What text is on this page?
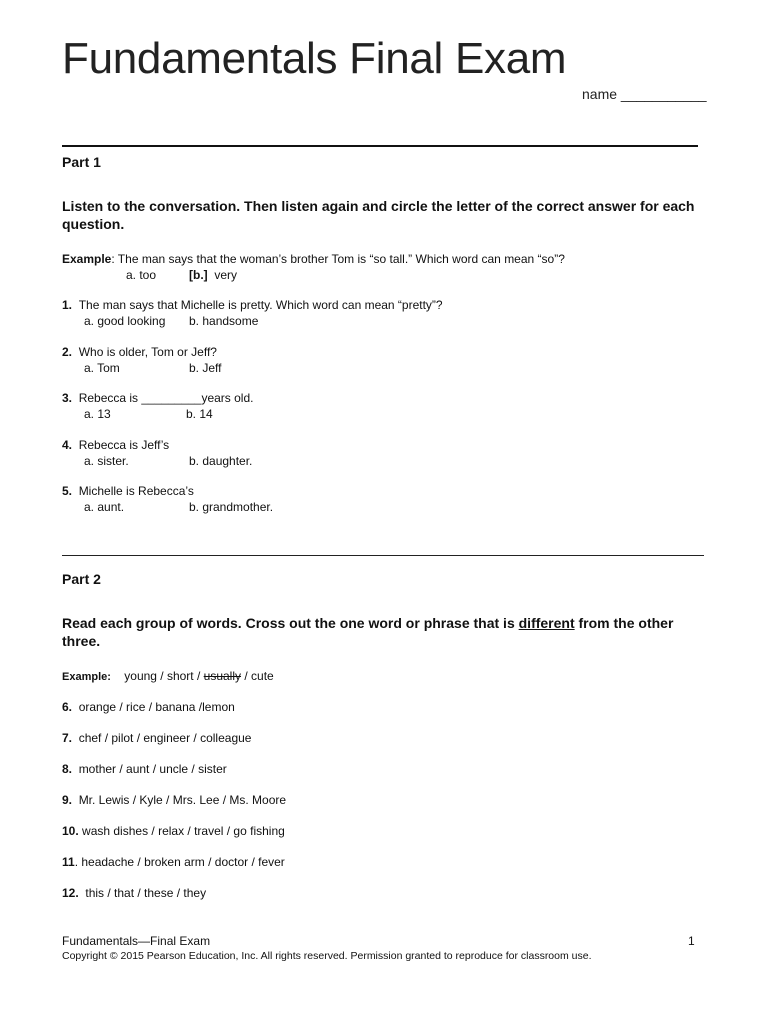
Fundamentals Final Exam
name ___________
Part 1
Listen to the conversation. Then listen again and circle the letter of the correct answer for each question.
Example: The man says that the woman’s brother Tom is “so tall.” Which word can mean “so”?
a. too	[b.] very
1. The man says that Michelle is pretty. Which word can mean “pretty”?
a. good looking b. handsome
2. Who is older, Tom or Jeff?
a. Tom	b. Jeff
3. Rebecca is _________years old.
a. 13	b. 14
4. Rebecca is Jeff’s
a. sister.	b. daughter.
5. Michelle is Rebecca’s
a. aunt.	b. grandmother.
Part 2
Read each group of words. Cross out the one word or phrase that is different from the other three.
Example: young / short / usually / cute
6. orange / rice / banana /lemon
7. chef / pilot / engineer / colleague
8. mother / aunt / uncle / sister
9. Mr. Lewis / Kyle / Mrs. Lee / Ms. Moore
10. wash dishes / relax / travel / go fishing
11. headache / broken arm / doctor / fever
12. this / that / these / they
Fundamentals—Final Exam	1
Copyright © 2015 Pearson Education, Inc. All rights reserved. Permission granted to reproduce for classroom use.
